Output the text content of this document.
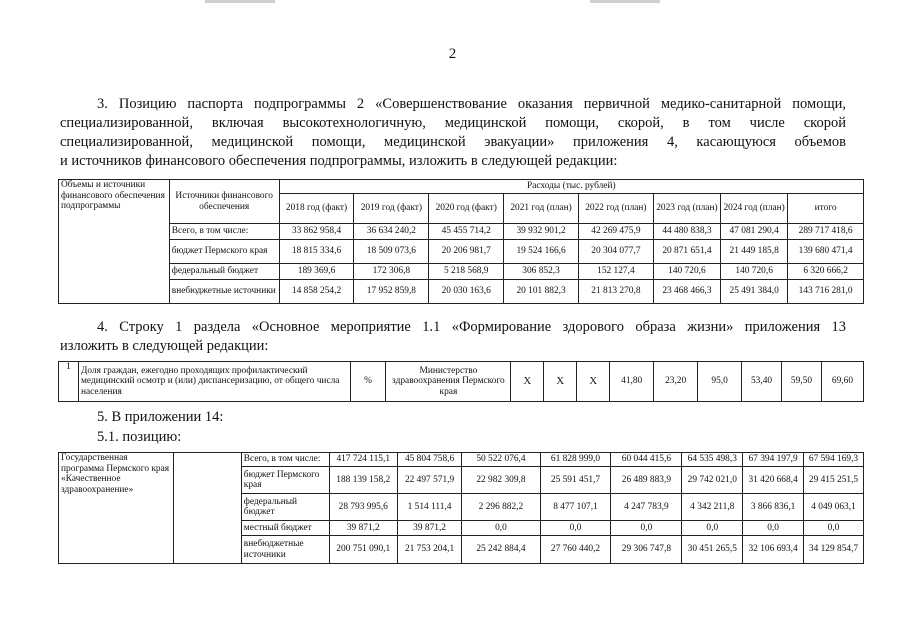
2
3. Позицию паспорта подпрограммы 2 «Совершенствование оказания первичной медико-санитарной помощи,
специализированной, включая высокотехнологичную, медицинской помощи, скорой, в том числе скорой
специализированной, медицинской помощи, медицинской эвакуации» приложения 4, касающуюся объемов
и источников финансового обеспечения подпрограммы, изложить в следующей редакции:
Объемы и источники финансового обеспечения подпрограммы	Источники финансового обеспечения	Расходы (тыс. рублей)							
		2018 год (факт)	2019 год (факт)	2020 год (факт)	2021 год (план)	2022 год (план)	2023 год (план)	2024 год (план)	итого
	Всего, в том числе:	33 862 958,4	36 634 240,2	45 455 714,2	39 932 901,2	42 269 475,9	44 480 838,3	47 081 290,4	289 717 418,6
	бюджет Пермского края	18 815 334,6	18 509 073,6	20 206 981,7	19 524 166,6	20 304 077,7	20 871 651,4	21 449 185,8	139 680 471,4
	федеральный бюджет	189 369,6	172 306,8	5 218 568,9	306 852,3	152 127,4	140 720,6	140 720,6	6 320 666,2
	внебюджетные источники	14 858 254,2	17 952 859,8	20 030 163,6	20 101 882,3	21 813 270,8	23 468 466,3	25 491 384,0	143 716 281,0
4. Строку 1 раздела «Основное мероприятие 1.1 «Формирование здорового образа жизни» приложения 13
изложить в следующей редакции:
1	Доля граждан, ежегодно проходящих профилактический медицинский осмотр и (или) диспансеризацию, от общего числа населения	%	Министерство здравоохранения Пермского края	X	X	X	41,80	23,20	95,0	53,40	59,50	69,60
5. В приложении 14:
5.1. позицию:
Государственная программа Пермского края «Качественное здравоохранение»		Всего, в том числе:	417 724 115,1	45 804 758,6	50 522 076,4	61 828 999,0	60 044 415,6	64 535 498,3	67 394 197,9	67 594 169,3
		бюджет Пермского края	188 139 158,2	22 497 571,9	22 982 309,8	25 591 451,7	26 489 883,9	29 742 021,0	31 420 668,4	29 415 251,5
		федеральный бюджет	28 793 995,6	1 514 111,4	2 296 882,2	8 477 107,1	4 247 783,9	4 342 211,8	3 866 836,1	4 049 063,1
		местный бюджет	39 871,2	39 871,2	0,0	0,0	0,0	0,0	0,0	0,0
		внебюджетные источники	200 751 090,1	21 753 204,1	25 242 884,4	27 760 440,2	29 306 747,8	30 451 265,5	32 106 693,4	34 129 854,7
